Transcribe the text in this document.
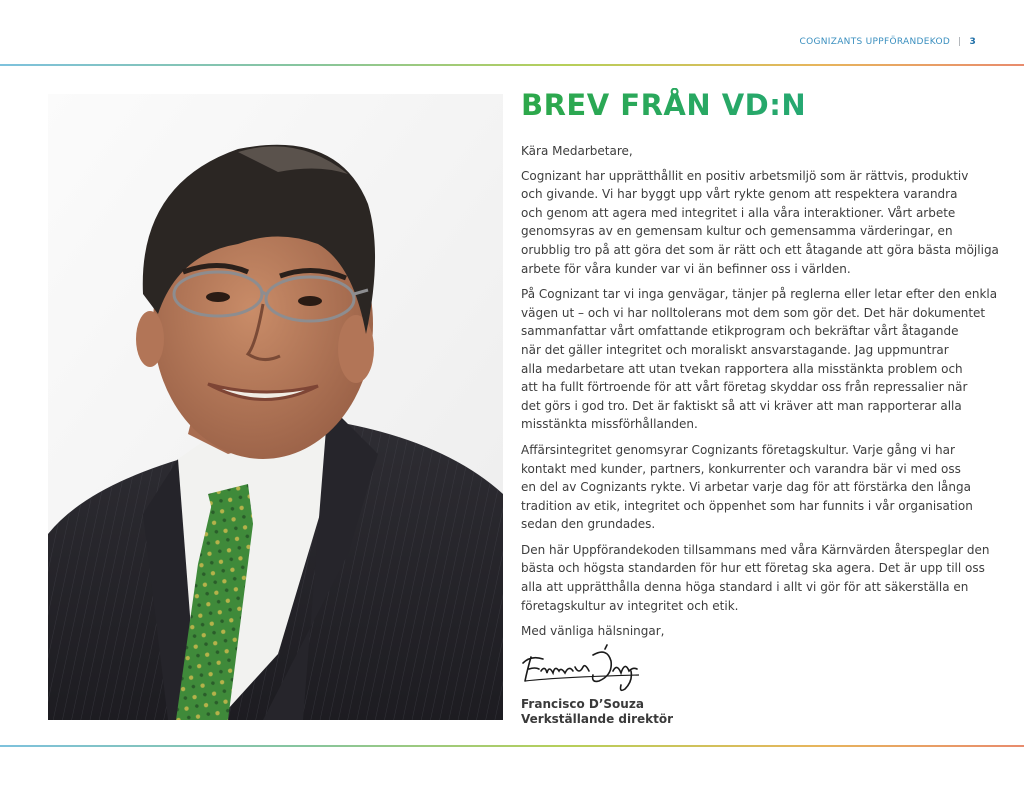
COGNIZANTS UPPFÖRANDEKOD | 3
BREV FRÅN VD:N

Kära Medarbetare,

Cognizant har upprätthållit en positiv arbetsmiljö som är rättvis, produktiv
och givande. Vi har byggt upp vårt rykte genom att respektera varandra
och genom att agera med integritet i alla våra interaktioner. Vårt arbete
genomsyras av en gemensam kultur och gemensamma värderingar, en
orubblig tro på att göra det som är rätt och ett åtagande att göra bästa möjliga
arbete för våra kunder var vi än befinner oss i världen.

På Cognizant tar vi inga genvägar, tänjer på reglerna eller letar efter den enkla
vägen ut – och vi har nolltolerans mot dem som gör det. Det här dokumentet
sammanfattar vårt omfattande etikprogram och bekräftar vårt åtagande
när det gäller integritet och moraliskt ansvarstagande. Jag uppmuntrar
alla medarbetare att utan tvekan rapportera alla misstänkta problem och
att ha fullt förtroende för att vårt företag skyddar oss från repressalier när
det görs i god tro. Det är faktiskt så att vi kräver att man rapporterar alla
misstänkta missförhållanden.

Affärsintegritet genomsyrar Cognizants företagskultur. Varje gång vi har
kontakt med kunder, partners, konkurrenter och varandra bär vi med oss
en del av Cognizants rykte. Vi arbetar varje dag för att förstärka den långa
tradition av etik, integritet och öppenhet som har funnits i vår organisation
sedan den grundades.

Den här Uppförandekoden tillsammans med våra Kärnvärden återspeglar den
bästa och högsta standarden för hur ett företag ska agera. Det är upp till oss
alla att upprätthålla denna höga standard i allt vi gör för att säkerställa en
företagskultur av integritet och etik.

Med vänliga hälsningar,

Francisco D’Souza
Verkställande direktör
